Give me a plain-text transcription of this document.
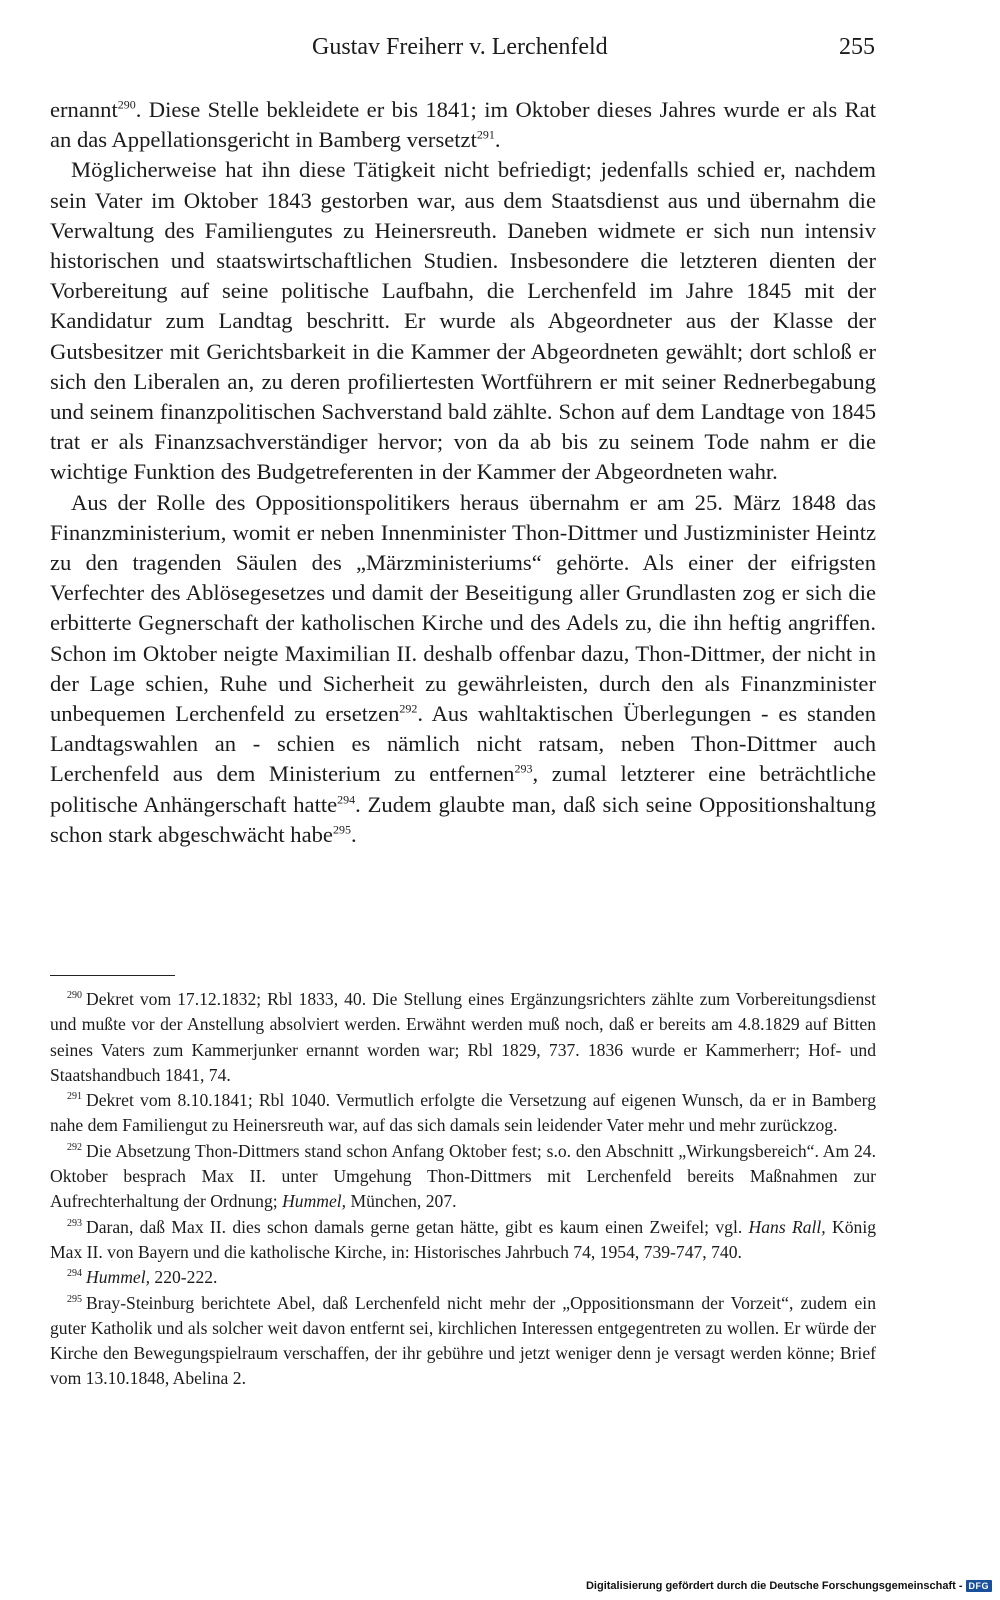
Gustav Freiherr v. Lerchenfeld	255

ernannt$^{290}$. Diese Stelle bekleidete er bis 1841; im Oktober dieses Jahres wurde er als Rat an das Appellationsgericht in Bamberg versetzt$^{291}$.

Möglicherweise hat ihn diese Tätigkeit nicht befriedigt; jedenfalls schied er, nachdem sein Vater im Oktober 1843 gestorben war, aus dem Staatsdienst aus und übernahm die Verwaltung des Familiengutes zu Heinersreuth. Daneben widmete er sich nun intensiv historischen und staatswirtschaftlichen Studien. Insbesondere die letzteren dienten der Vorbereitung auf seine politische Laufbahn, die Lerchenfeld im Jahre 1845 mit der Kandidatur zum Landtag beschritt. Er wurde als Abgeordneter aus der Klasse der Gutsbesitzer mit Gerichtsbarkeit in die Kammer der Abgeordneten gewählt; dort schloß er sich den Liberalen an, zu deren profiliertesten Wortführern er mit seiner Rednerbegabung und seinem finanzpolitischen Sachverstand bald zählte. Schon auf dem Landtage von 1845 trat er als Finanzsachverständiger hervor; von da ab bis zu seinem Tode nahm er die wichtige Funktion des Budgetreferenten in der Kammer der Abgeordneten wahr.

Aus der Rolle des Oppositionspolitikers heraus übernahm er am 25. März 1848 das Finanzministerium, womit er neben Innenminister Thon-Dittmer und Justizminister Heintz zu den tragenden Säulen des „Märzministeriums“ gehörte. Als einer der eifrigsten Verfechter des Ablösegesetzes und damit der Beseitigung aller Grundlasten zog er sich die erbitterte Gegnerschaft der katholischen Kirche und des Adels zu, die ihn heftig angriffen. Schon im Oktober neigte Maximilian II. deshalb offenbar dazu, Thon-Dittmer, der nicht in der Lage schien, Ruhe und Sicherheit zu gewährleisten, durch den als Finanzminister unbequemen Lerchenfeld zu ersetzen$^{292}$. Aus wahltaktischen Überlegungen - es standen Landtagswahlen an - schien es nämlich nicht ratsam, neben Thon-Dittmer auch Lerchenfeld aus dem Ministerium zu entfernen$^{293}$, zumal letzterer eine beträchtliche politische Anhängerschaft hatte$^{294}$. Zudem glaubte man, daß sich seine Oppositionshaltung schon stark abgeschwächt habe$^{295}$.

$^{290}$ Dekret vom 17.12.1832; Rbl 1833, 40. Die Stellung eines Ergänzungsrichters zählte zum Vorbereitungsdienst und mußte vor der Anstellung absolviert werden. Erwähnt werden muß noch, daß er bereits am 4.8.1829 auf Bitten seines Vaters zum Kammerjunker ernannt worden war; Rbl 1829, 737. 1836 wurde er Kammerherr; Hof- und Staatshandbuch 1841, 74.

$^{291}$ Dekret vom 8.10.1841; Rbl 1040. Vermutlich erfolgte die Versetzung auf eigenen Wunsch, da er in Bamberg nahe dem Familiengut zu Heinersreuth war, auf das sich damals sein leidender Vater mehr und mehr zurückzog.

$^{292}$ Die Absetzung Thon-Dittmers stand schon Anfang Oktober fest; s.o. den Abschnitt „Wirkungsbereich“. Am 24. Oktober besprach Max II. unter Umgehung Thon-Dittmers mit Lerchenfeld bereits Maßnahmen zur Aufrechterhaltung der Ordnung; Hummel, München, 207.

$^{293}$ Daran, daß Max II. dies schon damals gerne getan hätte, gibt es kaum einen Zweifel; vgl. Hans Rall, König Max II. von Bayern und die katholische Kirche, in: Historisches Jahrbuch 74, 1954, 739-747, 740.

$^{294}$ Hummel, 220-222.

$^{295}$ Bray-Steinburg berichtete Abel, daß Lerchenfeld nicht mehr der „Oppositionsmann der Vorzeit“, zudem ein guter Katholik und als solcher weit davon entfernt sei, kirchlichen Interessen entgegentreten zu wollen. Er würde der Kirche den Bewegungspielraum verschaffen, der ihr gebühre und jetzt weniger denn je versagt werden könne; Brief vom 13.10.1848, Abelina 2.

Digitalisierung gefördert durch die Deutsche Forschungsgemeinschaft - DFG
